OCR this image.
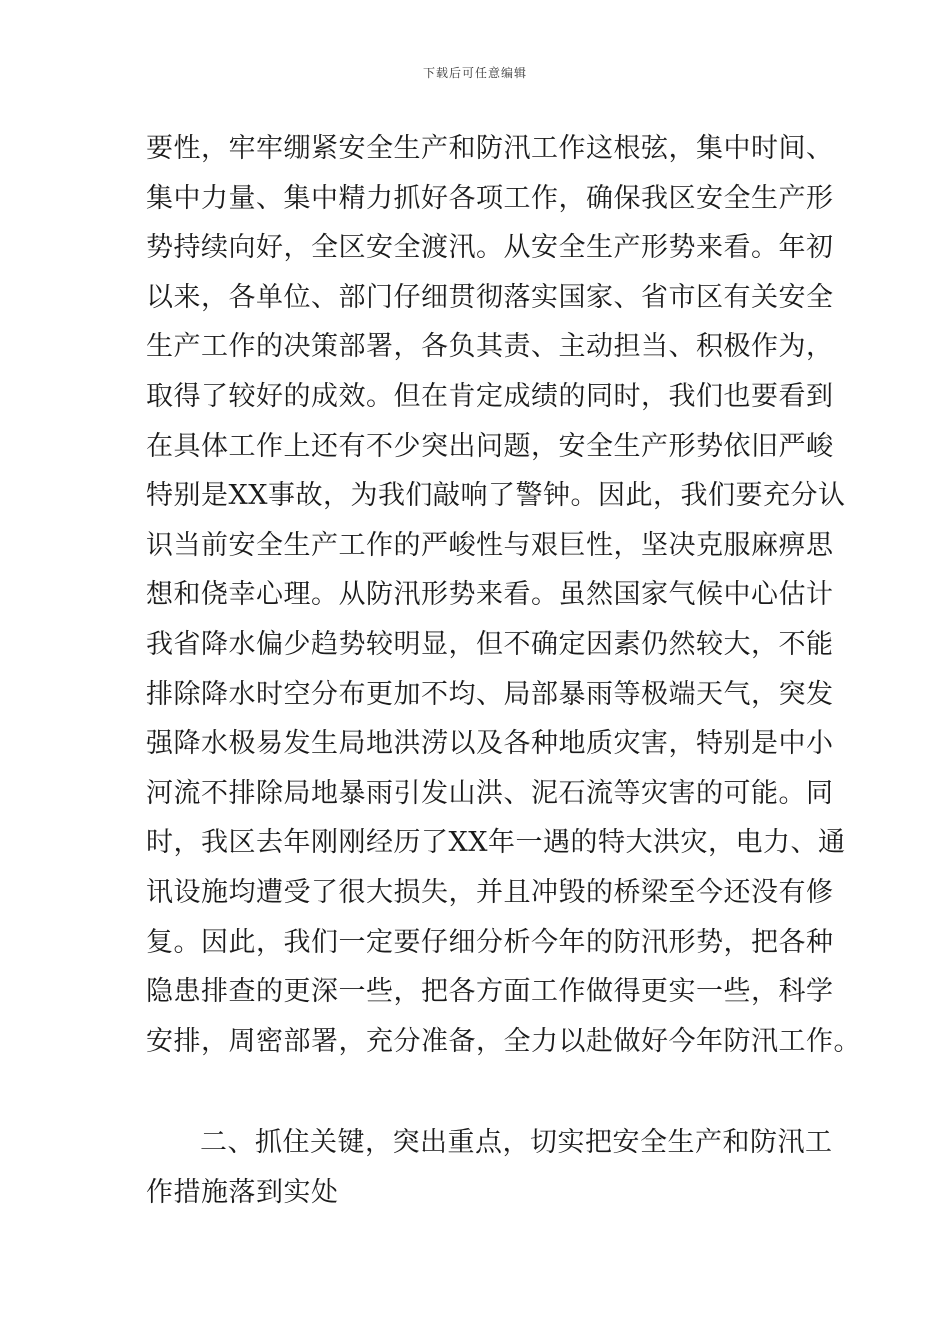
下载后可任意编辑
要性，牢牢绷紧安全生产和防汛工作这根弦，集中时间、
集中力量、集中精力抓好各项工作，确保我区安全生产形
势持续向好，全区安全渡汛。从安全生产形势来看。年初
以来，各单位、部门仔细贯彻落实国家、省市区有关安全
生产工作的决策部署，各负其责、主动担当、积极作为，
取得了较好的成效。但在肯定成绩的同时，我们也要看到
在具体工作上还有不少突出问题，安全生产形势依旧严峻
特别是XX事故，为我们敲响了警钟。因此，我们要充分认
识当前安全生产工作的严峻性与艰巨性，坚决克服麻痹思
想和侥幸心理。从防汛形势来看。虽然国家气候中心估计
我省降水偏少趋势较明显，但不确定因素仍然较大，不能
排除降水时空分布更加不均、局部暴雨等极端天气，突发
强降水极易发生局地洪涝以及各种地质灾害，特别是中小
河流不排除局地暴雨引发山洪、泥石流等灾害的可能。同
时，我区去年刚刚经历了XX年一遇的特大洪灾，电力、通
讯设施均遭受了很大损失，并且冲毁的桥梁至今还没有修
复。因此，我们一定要仔细分析今年的防汛形势，把各种
隐患排查的更深一些，把各方面工作做得更实一些，科学
安排，周密部署，充分准备，全力以赴做好今年防汛工作。
二、抓住关键，突出重点，切实把安全生产和防汛工
作措施落到实处
